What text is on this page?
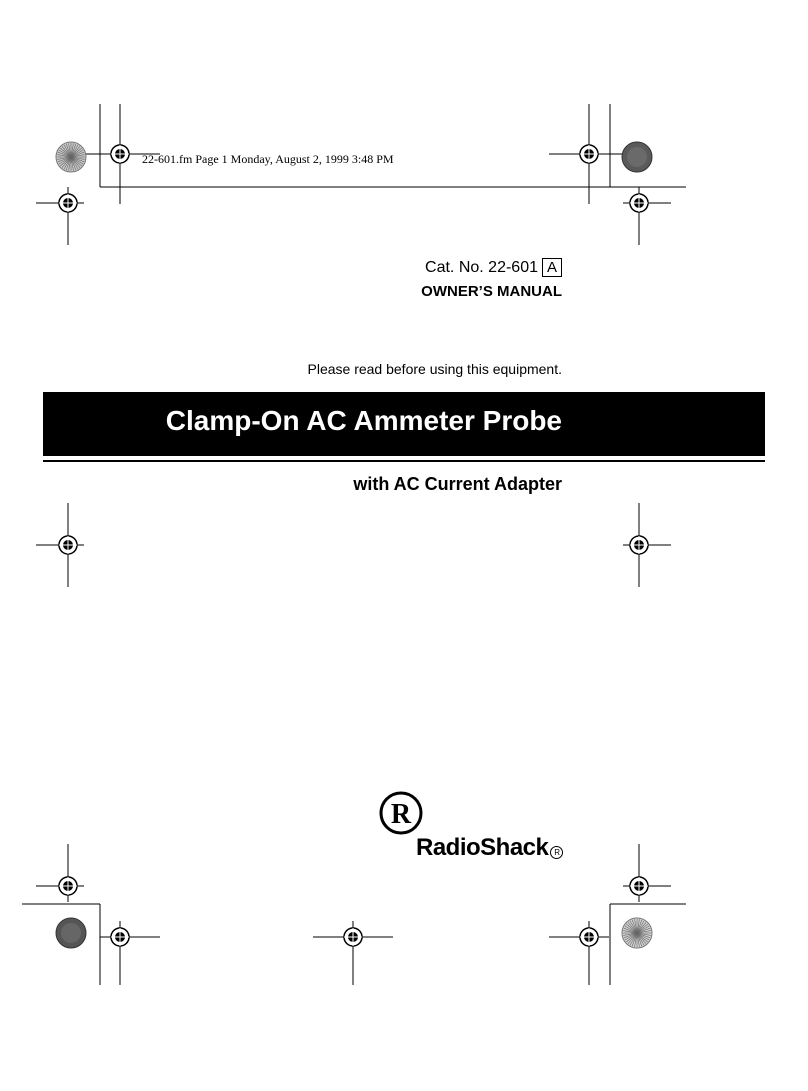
R
22-601.fm Page 1 Monday, August 2, 1999 3:48 PM
Cat. No. 22-601 A
OWNER’S MANUAL
Please read before using this equipment.
Clamp-On AC Ammeter Probe
with AC Current Adapter
RadioShack R
